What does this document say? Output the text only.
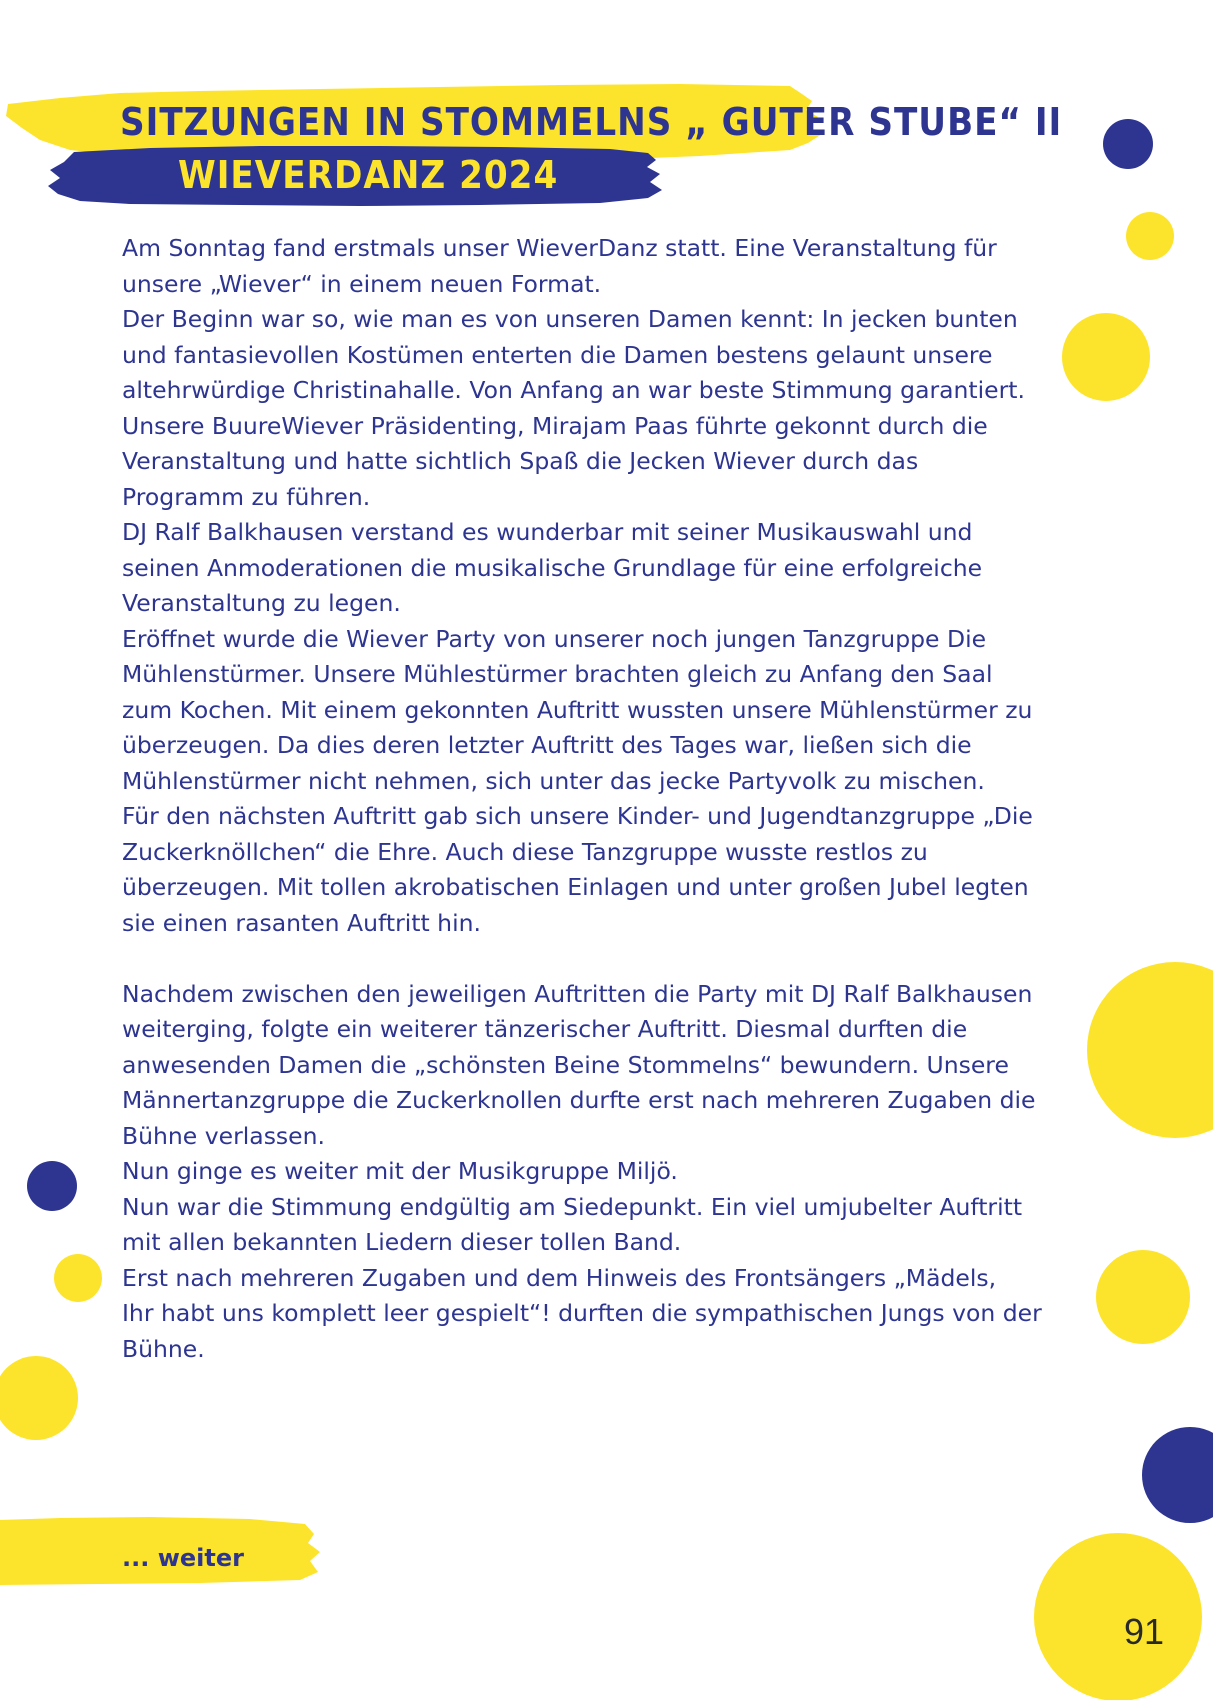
SITZUNGEN IN STOMMELNS „ GUTER STUBE“ II
WIEVERDANZ 2024

Am Sonntag fand erstmals unser WieverDanz statt. Eine Veranstaltung für

unsere „Wiever“ in einem neuen Format.

Der Beginn war so, wie man es von unseren Damen kennt: In jecken bunten

und fantasievollen Kostümen enterten die Damen bestens gelaunt unsere

altehrwürdige Christinahalle. Von Anfang an war beste Stimmung garantiert.

Unsere BuureWiever Präsidenting, Mirajam Paas führte gekonnt durch die

Veranstaltung und hatte sichtlich Spaß die Jecken Wiever durch das

Programm zu führen.

DJ Ralf Balkhausen verstand es wunderbar mit seiner Musikauswahl und

seinen Anmoderationen die musikalische Grundlage für eine erfolgreiche

Veranstaltung zu legen.

Eröffnet wurde die Wiever Party von unserer noch jungen Tanzgruppe Die

Mühlenstürmer. Unsere Mühlestürmer brachten gleich zu Anfang den Saal

zum Kochen. Mit einem gekonnten Auftritt wussten unsere Mühlenstürmer zu

überzeugen. Da dies deren letzter Auftritt des Tages war, ließen sich die

Mühlenstürmer nicht nehmen, sich unter das jecke Partyvolk zu mischen.

Für den nächsten Auftritt gab sich unsere Kinder- und Jugendtanzgruppe „Die

Zuckerknöllchen“ die Ehre. Auch diese Tanzgruppe wusste restlos zu

überzeugen. Mit tollen akrobatischen Einlagen und unter großen Jubel legten

sie einen rasanten Auftritt hin.

Nachdem zwischen den jeweiligen Auftritten die Party mit DJ Ralf Balkhausen

weiterging, folgte ein weiterer tänzerischer Auftritt. Diesmal durften die

anwesenden Damen die „schönsten Beine Stommelns“ bewundern. Unsere

Männertanzgruppe die Zuckerknollen durfte erst nach mehreren Zugaben die

Bühne verlassen.

Nun ginge es weiter mit der Musikgruppe Miljö.

Nun war die Stimmung endgültig am Siedepunkt. Ein viel umjubelter Auftritt

mit allen bekannten Liedern dieser tollen Band.

Erst nach mehreren Zugaben und dem Hinweis des Frontsängers „Mädels,

Ihr habt uns komplett leer gespielt“! durften die sympathischen Jungs von der

Bühne.

... weiter
91
